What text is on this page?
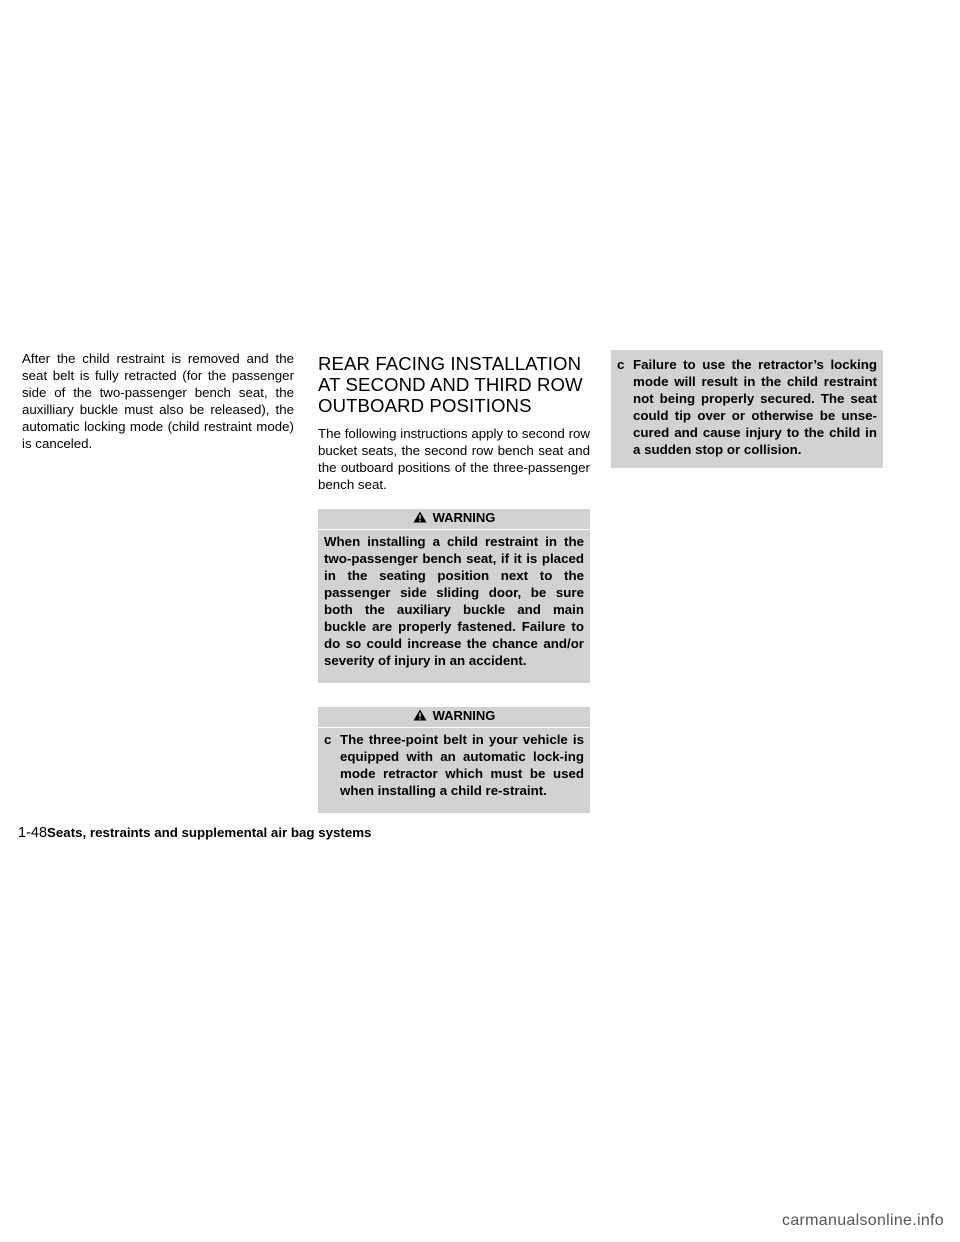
After the child restraint is removed and the seat belt is fully retracted (for the passenger side of the two-passenger bench seat, the auxilliary buckle must also be released), the automatic locking mode (child restraint mode) is canceled.

REAR FACING INSTALLATION AT SECOND AND THIRD ROW OUTBOARD POSITIONS

The following instructions apply to second row bucket seats, the second row bench seat and the outboard positions of the three-passenger bench seat.

WARNING

When installing a child restraint in the two-passenger bench seat, if it is placed in the seating position next to the passenger side sliding door, be sure both the auxiliary buckle and main buckle are properly fastened. Failure to do so could increase the chance and/or severity of injury in an accident.

WARNING
c The three-point belt in your vehicle is equipped with an automatic lock-ing mode retractor which must be used when installing a child re-straint.

c Failure to use the retractor’s locking mode will result in the child restraint not being properly secured. The seat could tip over or otherwise be unse-cured and cause injury to the child in a sudden stop or collision.

1-48Seats, restraints and supplemental air bag systems
carmanualsonline.info
